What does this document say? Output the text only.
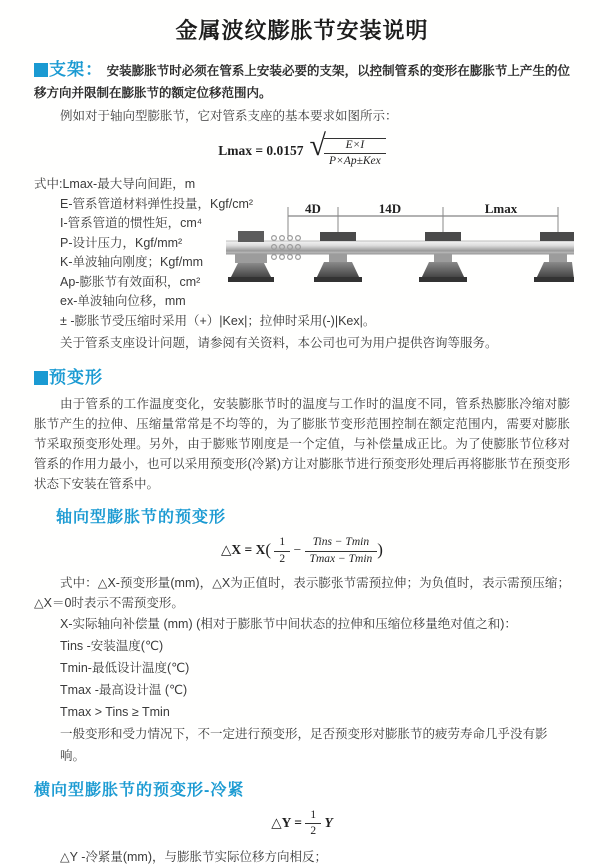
金属波纹膨胀节安装说明

支架： 安装膨胀节时必须在管系上安装必要的支架，以控制管系的变形在膨胀节上产生的位移方向并限制在膨胀节的额定位移范围内。

例如对于轴向型膨胀节，它对管系支座的基本要求如图所示：

Lmax = 0.0157 √
$\frac{E\times I}{\text{P×Ap±Kex}}$
式中:Lmax-最大导向间距，m
E-管系管道材料弹性投量，Kgf/cm²
I-管系管道的惯性矩，cm⁴
P-设计压力，Kgf/mm²
K-单波轴向刚度；Kgf/mm
Ap-膨胀节有效面积，cm²
ex-单波轴向位移，mm
± -膨胀节受压缩时采用（+）|Kex|；拉伸时采用(-)|Kex|。
4D	14D	Lmax

关于管系支座设计问题，请参阅有关资料，本公司也可为用户提供咨询等服务。

预变形

由于管系的工作温度变化，安装膨胀节时的温度与工作时的温度不同，管系热膨胀冷缩对膨胀节产生的拉伸、压缩量常常是不均等的，为了膨胀节变形范围控制在额定范围内，需要对膨胀节采取预变形处理。另外，由于膨账节刚度是一个定值，与补偿量成正比。为了使膨胀节位移对管系的作用力最小，也可以采用预变形(冷紧)方让对膨胀节进行预变形处理后再将膨胀节在预变形状态下安装在管系中。

轴向型膨胀节的预变形
△X = $X( \frac{1}{2} - \frac{\text{Tins − Tmin}}{Tmax - Tmin}$ )

式中：△X-预变形量(mm)，△X为正值时，表示膨张节需预拉伸；为负值时，表示需预压缩；△X＝0时表示不需预变形。

X-实际轴向补偿量 (mm) (相对于膨胀节中间状态的拉伸和压缩位移量绝对值之和)：
Tins -安装温度(℃)
Tmin-最低设计温度(℃)
Tmax -最高设计温 (℃)
Tmax > Tins ≥ Tmin
一般变形和受力情况下，不一定进行预变形，足否预变形对膨胀节的疲劳寿命几乎没有影响。
横向型膨胀节的预变形-冷紧
△Y = $\frac{1}{2}$ Y

△Y -冷紧量(mm)，与膨胀节实际位移方向相反；
